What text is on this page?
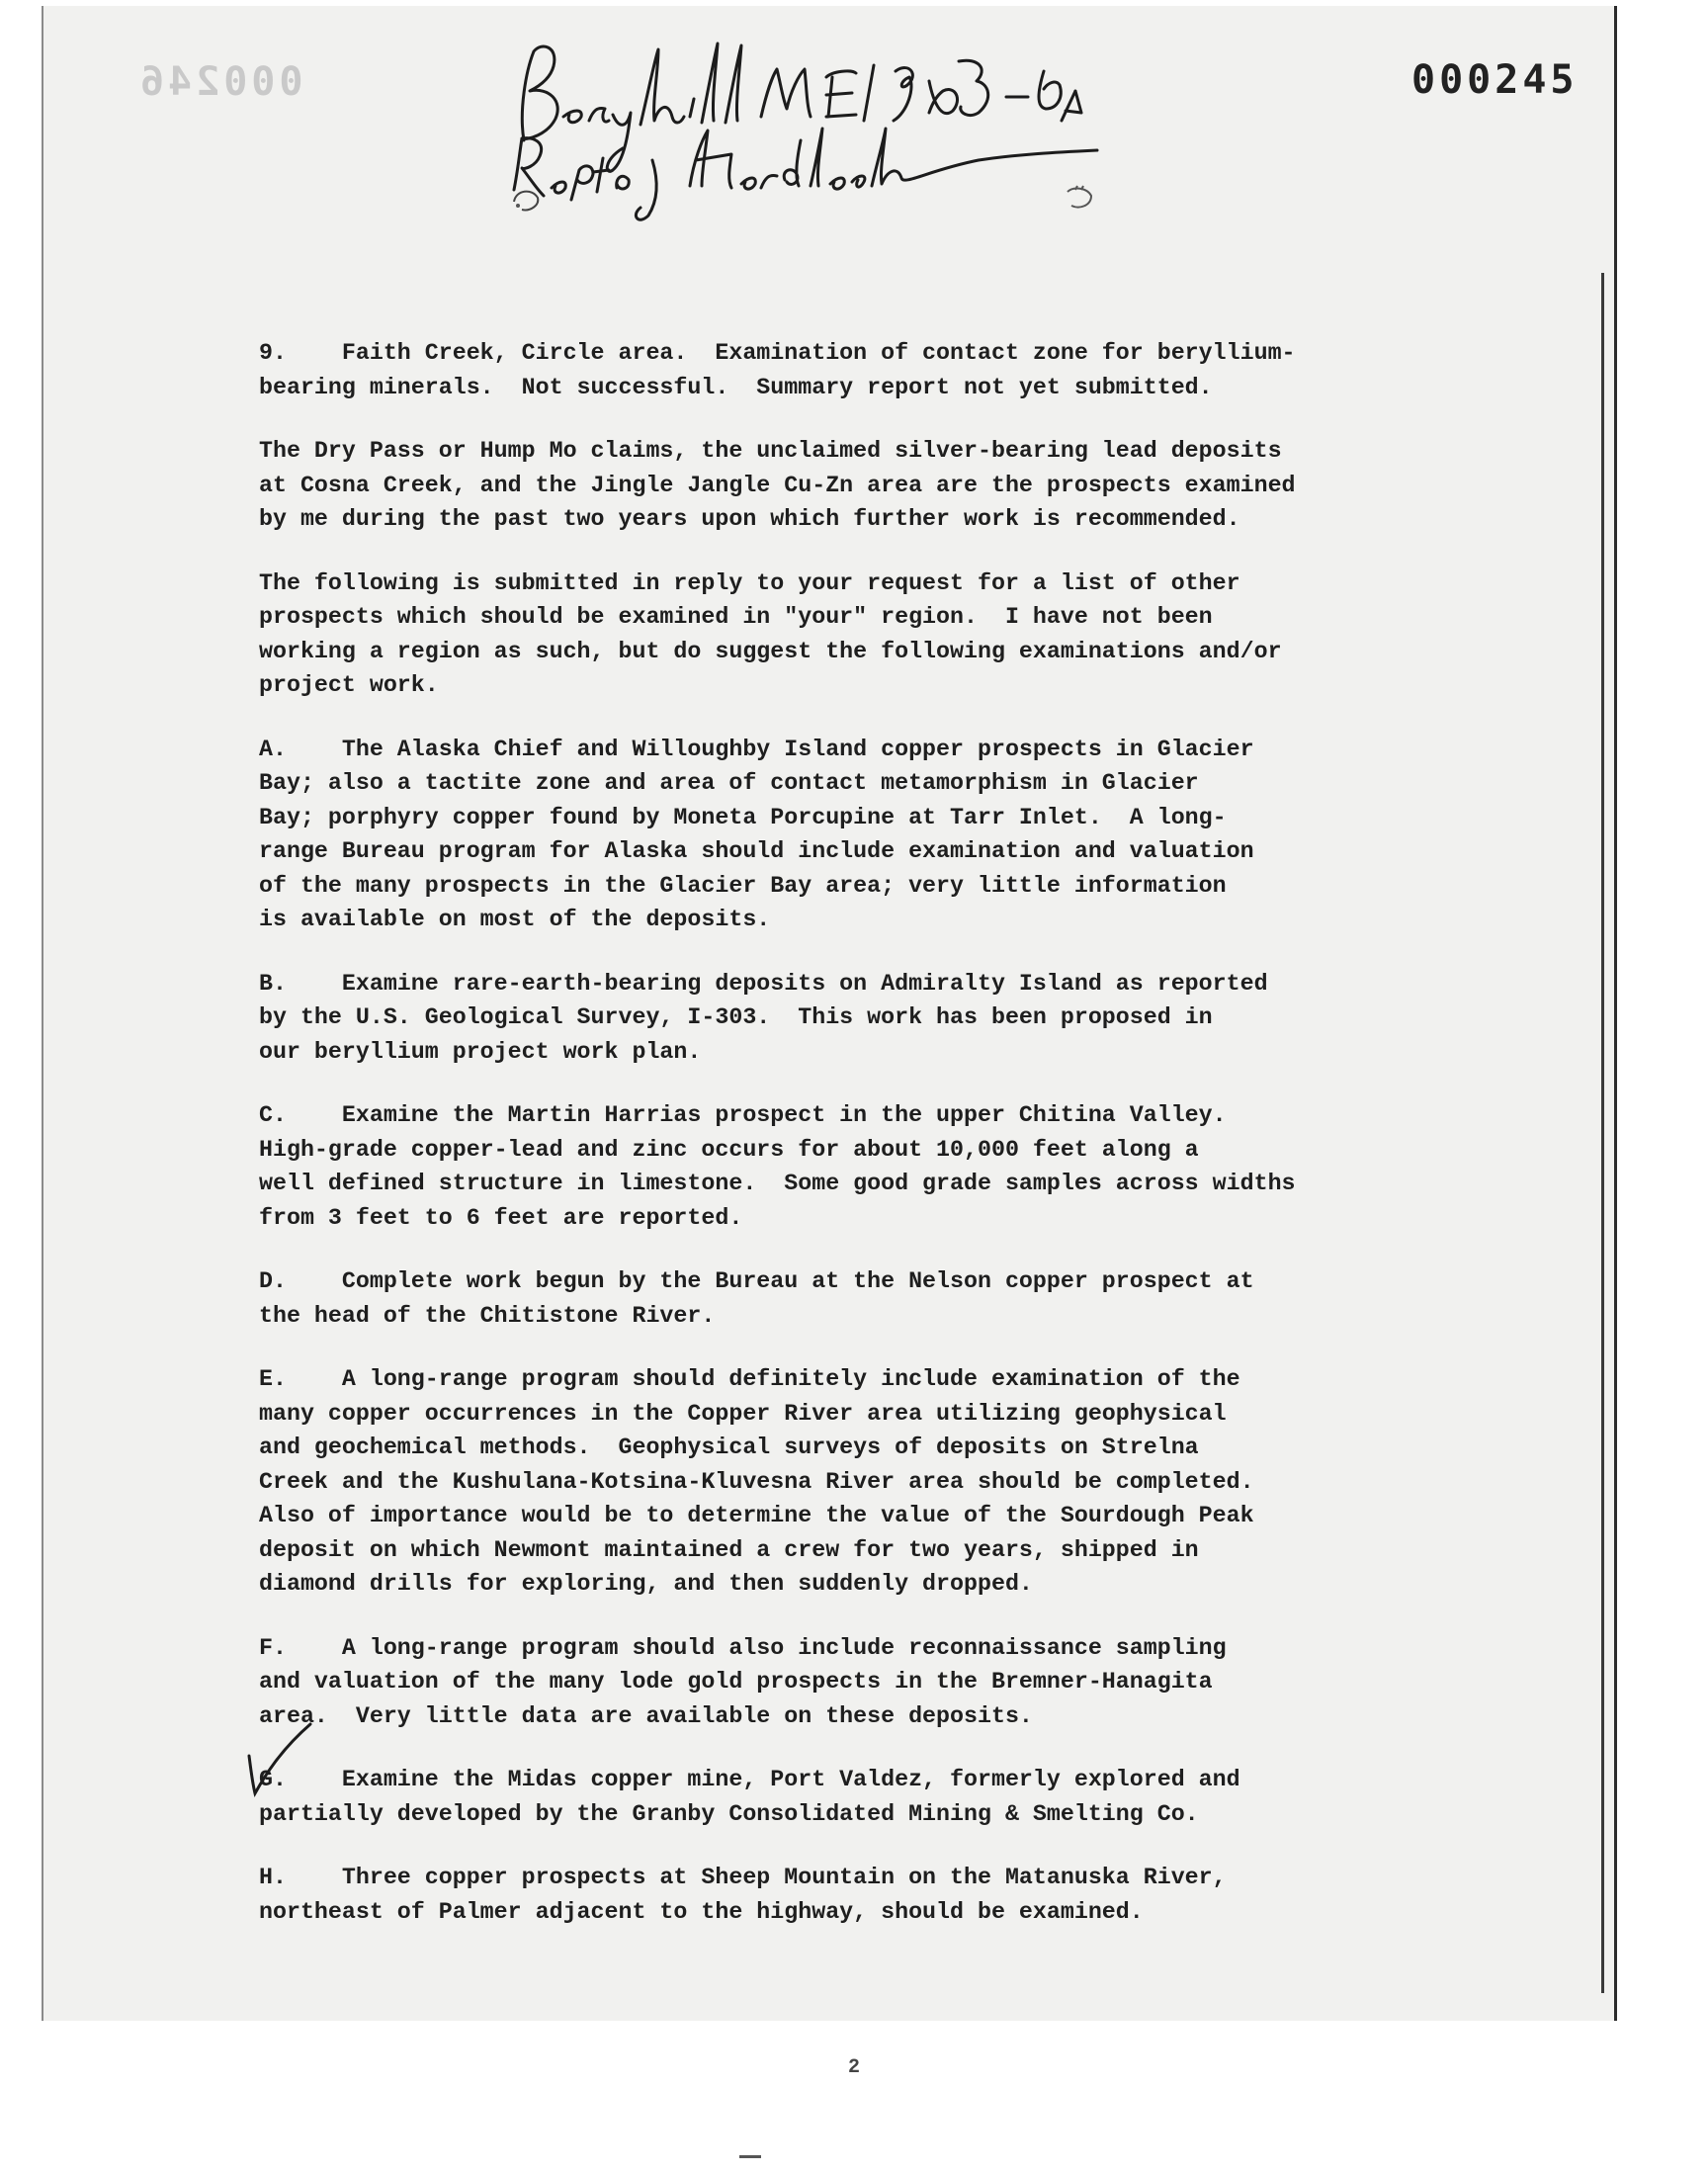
000246	000245

9.    Faith Creek, Circle area.  Examination of contact zone for beryllium-
bearing minerals.  Not successful.  Summary report not yet submitted.

The Dry Pass or Hump Mo claims, the unclaimed silver-bearing lead deposits
at Cosna Creek, and the Jingle Jangle Cu-Zn area are the prospects examined
by me during the past two years upon which further work is recommended.

The following is submitted in reply to your request for a list of other
prospects which should be examined in "your" region.  I have not been
working a region as such, but do suggest the following examinations and/or
project work.

A.    The Alaska Chief and Willoughby Island copper prospects in Glacier
Bay; also a tactite zone and area of contact metamorphism in Glacier
Bay; porphyry copper found by Moneta Porcupine at Tarr Inlet.  A long-
range Bureau program for Alaska should include examination and valuation
of the many prospects in the Glacier Bay area; very little information
is available on most of the deposits.

B.    Examine rare-earth-bearing deposits on Admiralty Island as reported
by the U.S. Geological Survey, I-303.  This work has been proposed in
our beryllium project work plan.

C.    Examine the Martin Harrias prospect in the upper Chitina Valley.
High-grade copper-lead and zinc occurs for about 10,000 feet along a
well defined structure in limestone.  Some good grade samples across widths
from 3 feet to 6 feet are reported.

D.    Complete work begun by the Bureau at the Nelson copper prospect at
the head of the Chitistone River.

E.    A long-range program should definitely include examination of the
many copper occurrences in the Copper River area utilizing geophysical
and geochemical methods.  Geophysical surveys of deposits on Strelna
Creek and the Kushulana-Kotsina-Kluvesna River area should be completed.
Also of importance would be to determine the value of the Sourdough Peak
deposit on which Newmont maintained a crew for two years, shipped in
diamond drills for exploring, and then suddenly dropped.

F.    A long-range program should also include reconnaissance sampling
and valuation of the many lode gold prospects in the Bremner-Hanagita
area.  Very little data are available on these deposits.

G.    Examine the Midas copper mine, Port Valdez, formerly explored and
partially developed by the Granby Consolidated Mining & Smelting Co.

H.    Three copper prospects at Sheep Mountain on the Matanuska River,
northeast of Palmer adjacent to the highway, should be examined.

2
